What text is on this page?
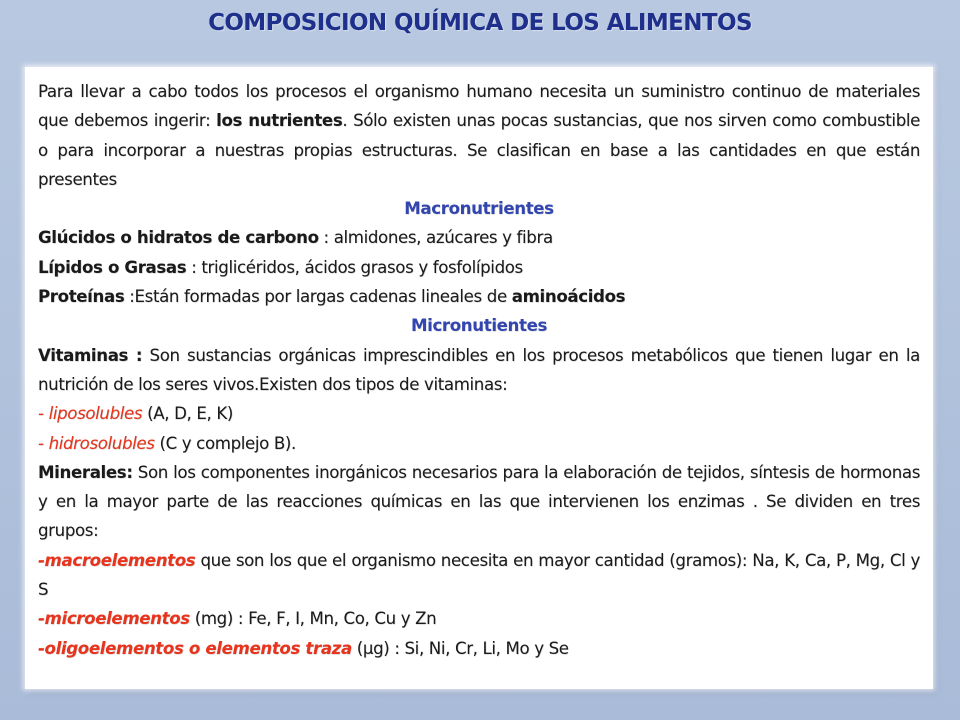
COMPOSICION QUÍMICA DE LOS ALIMENTOS
Para llevar a cabo todos los procesos el organismo humano necesita un suministro continuo de materiales que debemos ingerir: los nutrientes. Sólo existen unas pocas sustancias, que nos sirven como combustible o para incorporar a nuestras propias estructuras. Se clasifican en base a las cantidades en que están presentes
Macronutrientes
Glúcidos o hidratos de carbono : almidones, azúcares y fibra
Lípidos o Grasas : triglicéridos, ácidos grasos y fosfolípidos
Proteínas :Están formadas por largas cadenas lineales de aminoácidos
Micronutientes
Vitaminas : Son sustancias orgánicas imprescindibles en los procesos metabólicos que tienen lugar en la nutrición de los seres vivos.Existen dos tipos de vitaminas:
- liposolubles (A, D, E, K)
- hidrosolubles (C y complejo B).
Minerales: Son los componentes inorgánicos necesarios para la elaboración de tejidos, síntesis de hormonas y en la mayor parte de las reacciones químicas en las que intervienen los enzimas . Se dividen en tres grupos:
-macroelementos que son los que el organismo necesita en mayor cantidad (gramos): Na, K, Ca, P, Mg, Cl y S
-microelementos (mg) : Fe, F, I, Mn, Co, Cu y Zn
-oligoelementos o elementos traza (µg) : Si, Ni, Cr, Li, Mo y Se
